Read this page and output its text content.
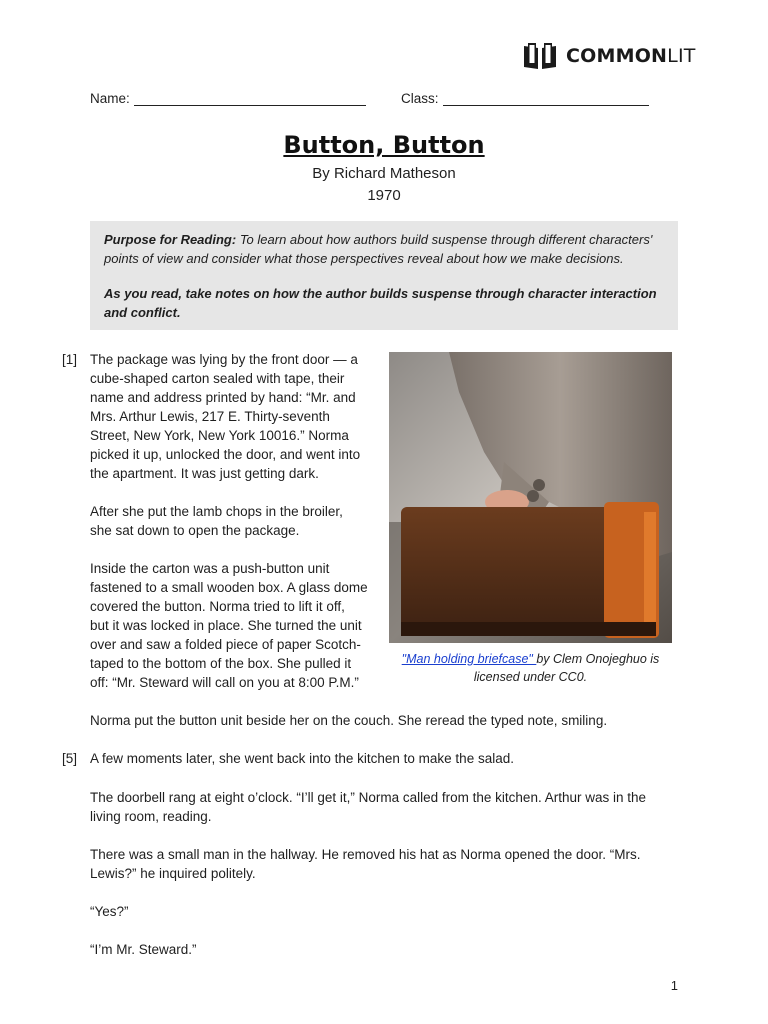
COMMONLIT
Name:	Class:
Button, Button
By Richard Matheson
1970

Purpose for Reading: To learn about how authors build suspense through different characters' points of view and consider what those perspectives reveal about how we make decisions.

As you read, take notes on how the author builds suspense through character interaction and conflict.

[1]
[5]

The package was lying by the front door — a
cube-shaped carton sealed with tape, their
name and address printed by hand: “Mr. and
Mrs. Arthur Lewis, 217 E. Thirty-seventh
Street, New York, New York 10016.” Norma
picked it up, unlocked the door, and went into
the apartment. It was just getting dark.

After she put the lamb chops in the broiler,
she sat down to open the package.

Inside the carton was a push-button unit
fastened to a small wooden box. A glass dome
covered the button. Norma tried to lift it off,
but it was locked in place. She turned the unit
over and saw a folded piece of paper Scotch-
taped to the bottom of the box. She pulled it
off: “Mr. Steward will call on you at 8:00 P.M.”

Norma put the button unit beside her on the couch. She reread the typed note, smiling.

A few moments later, she went back into the kitchen to make the salad.

The doorbell rang at eight o’clock. “I’ll get it,” Norma called from the kitchen. Arthur was in the
living room, reading.

There was a small man in the hallway. He removed his hat as Norma opened the door. “Mrs.
Lewis?” he inquired politely.

“Yes?”

“I’m Mr. Steward.”

"Man holding briefcase" by Clem Onojeghuo is licensed under CC0.
1
